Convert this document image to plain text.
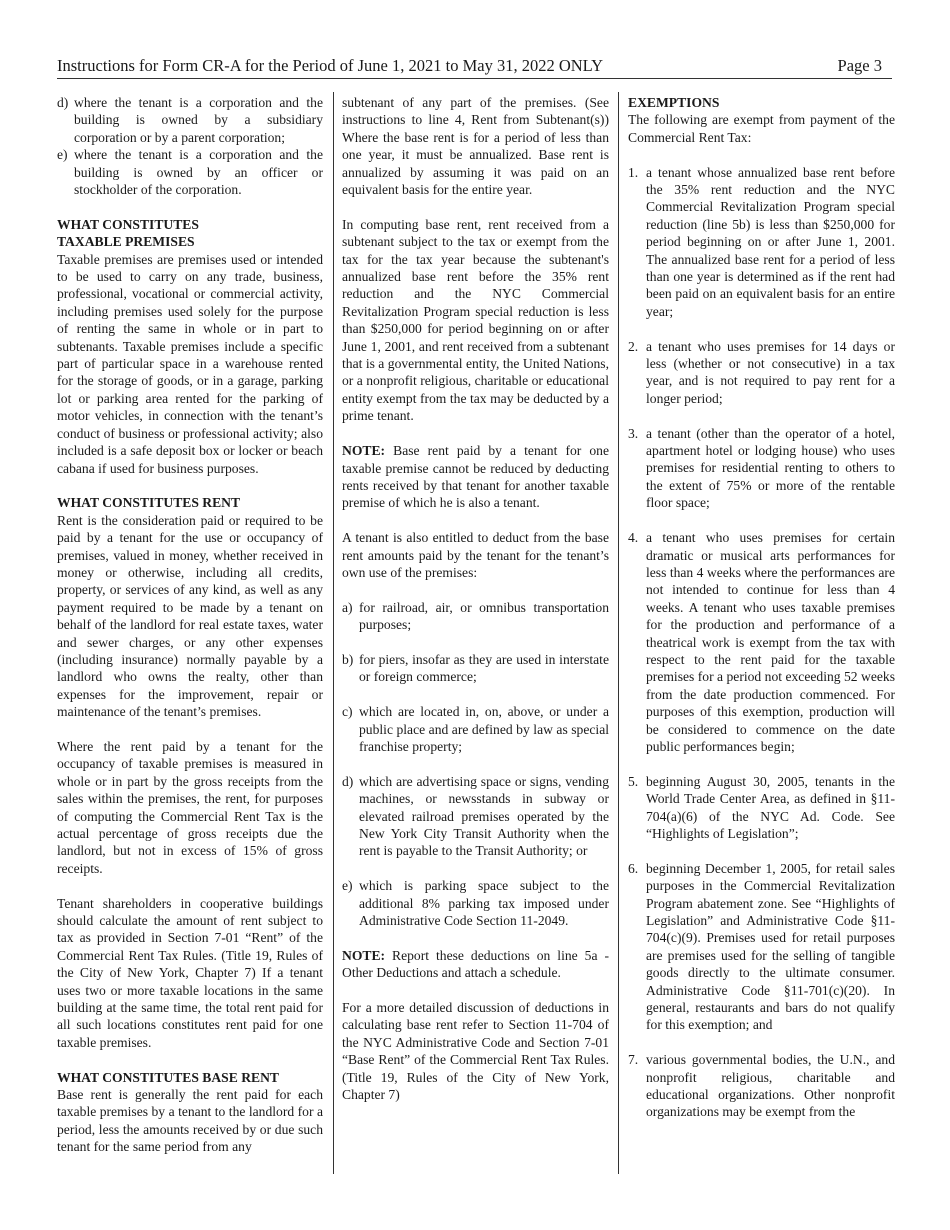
Instructions for Form CR-A for the Period of June 1, 2021 to May 31, 2022 ONLY	Page 3
d) where the tenant is a corporation and the building is owned by a subsidiary corporation or by a parent corporation;
e) where the tenant is a corporation and the building is owned by an officer or stockholder of the corporation.

WHAT CONSTITUTES
TAXABLE PREMISES

Taxable premises are premises used or intended to be used to carry on any trade, business, professional, vocational or commercial activity, including premises used solely for the purpose of renting the same in whole or in part to subtenants. Taxable premises include a specific part of particular space in a warehouse rented for the storage of goods, or in a garage, parking lot or parking area rented for the parking of motor vehicles, in connection with the tenant’s conduct of business or professional activity; also included is a safe deposit box or locker or beach cabana if used for business purposes.

WHAT CONSTITUTES RENT

Rent is the consideration paid or required to be paid by a tenant for the use or occupancy of premises, valued in money, whether received in money or otherwise, including all credits, property, or services of any kind, as well as any payment required to be made by a tenant on behalf of the landlord for real estate taxes, water and sewer charges, or any other expenses (including insurance) normally payable by a landlord who owns the realty, other than expenses for the improvement, repair or maintenance of the tenant’s premises.

Where the rent paid by a tenant for the occupancy of taxable premises is measured in whole or in part by the gross receipts from the sales within the premises, the rent, for purposes of computing the Commercial Rent Tax is the actual percentage of gross receipts due the landlord, but not in excess of 15% of gross receipts.

Tenant shareholders in cooperative buildings should calculate the amount of rent subject to tax as provided in Section 7-01 “Rent” of the Commercial Rent Tax Rules. (Title 19, Rules of the City of New York, Chapter 7) If a tenant uses two or more taxable locations in the same building at the same time, the total rent paid for all such locations constitutes rent paid for one taxable premises.

WHAT CONSTITUTES BASE RENT

Base rent is generally the rent paid for each taxable premises by a tenant to the landlord for a period, less the amounts received by or due such tenant for the same period from any

subtenant of any part of the premises. (See instructions to line 4, Rent from Subtenant(s)) Where the base rent is for a period of less than one year, it must be annualized. Base rent is annualized by assuming it was paid on an equivalent basis for the entire year.

In computing base rent, rent received from a subtenant subject to the tax or exempt from the tax for the tax year because the subtenant's annualized base rent before the 35% rent reduction and the NYC Commercial Revitalization Program special reduction is less than $250,000 for period beginning on or after June 1, 2001, and rent received from a subtenant that is a governmental entity, the United Nations, or a nonprofit religious, charitable or educational entity exempt from the tax may be deducted by a prime tenant.

NOTE: Base rent paid by a tenant for one taxable premise cannot be reduced by deducting rents received by that tenant for another taxable premise of which he is also a tenant.

A tenant is also entitled to deduct from the base rent amounts paid by the tenant for the tenant’s own use of the premises:

a) for railroad, air, or omnibus transportation purposes;
b) for piers, insofar as they are used in interstate or foreign commerce;
c) which are located in, on, above, or under a public place and are defined by law as special franchise property;
d) which are advertising space or signs, vending machines, or newsstands in subway or elevated railroad premises operated by the New York City Transit Authority when the rent is payable to the Transit Authority; or
e) which is parking space subject to the additional 8% parking tax imposed under Administrative Code Section 11-2049.

NOTE: Report these deductions on line 5a - Other Deductions and attach a schedule.

For a more detailed discussion of deductions in calculating base rent refer to Section 11-704 of the NYC Administrative Code and Section 7-01 “Base Rent” of the Commercial Rent Tax Rules. (Title 19, Rules of the City of New York, Chapter 7)

EXEMPTIONS

The following are exempt from payment of the Commercial Rent Tax:

1. a tenant whose annualized base rent before the 35% rent reduction and the NYC Commercial Revitalization Program special reduction (line 5b) is less than $250,000 for period beginning on or after June 1, 2001. The annualized base rent for a period of less than one year is determined as if the rent had been paid on an equivalent basis for an entire year;
2. a tenant who uses premises for 14 days or less (whether or not consecutive) in a tax year, and is not required to pay rent for a longer period;
3. a tenant (other than the operator of a hotel, apartment hotel or lodging house) who uses premises for residential renting to others to the extent of 75% or more of the rentable floor space;
4. a tenant who uses premises for certain dramatic or musical arts performances for less than 4 weeks where the performances are not intended to continue for less than 4 weeks. A tenant who uses taxable premises for the production and performance of a theatrical work is exempt from the tax with respect to the rent paid for the taxable premises for a period not exceeding 52 weeks from the date production commenced. For purposes of this exemption, production will be considered to commence on the date public performances begin;
5. beginning August 30, 2005, tenants in the World Trade Center Area, as defined in §11-704(a)(6) of the NYC Ad. Code. See “Highlights of Legislation”;
6. beginning December 1, 2005, for retail sales purposes in the Commercial Revitalization Program abatement zone. See “Highlights of Legislation” and Administrative Code §11-704(c)(9). Premises used for retail purposes are premises used for the selling of tangible goods directly to the ultimate consumer. Administrative Code §11-701(c)(20). In general, restaurants and bars do not qualify for this exemption; and
7. various governmental bodies, the U.N., and nonprofit religious, charitable and educational organizations. Other nonprofit organizations may be exempt from the
